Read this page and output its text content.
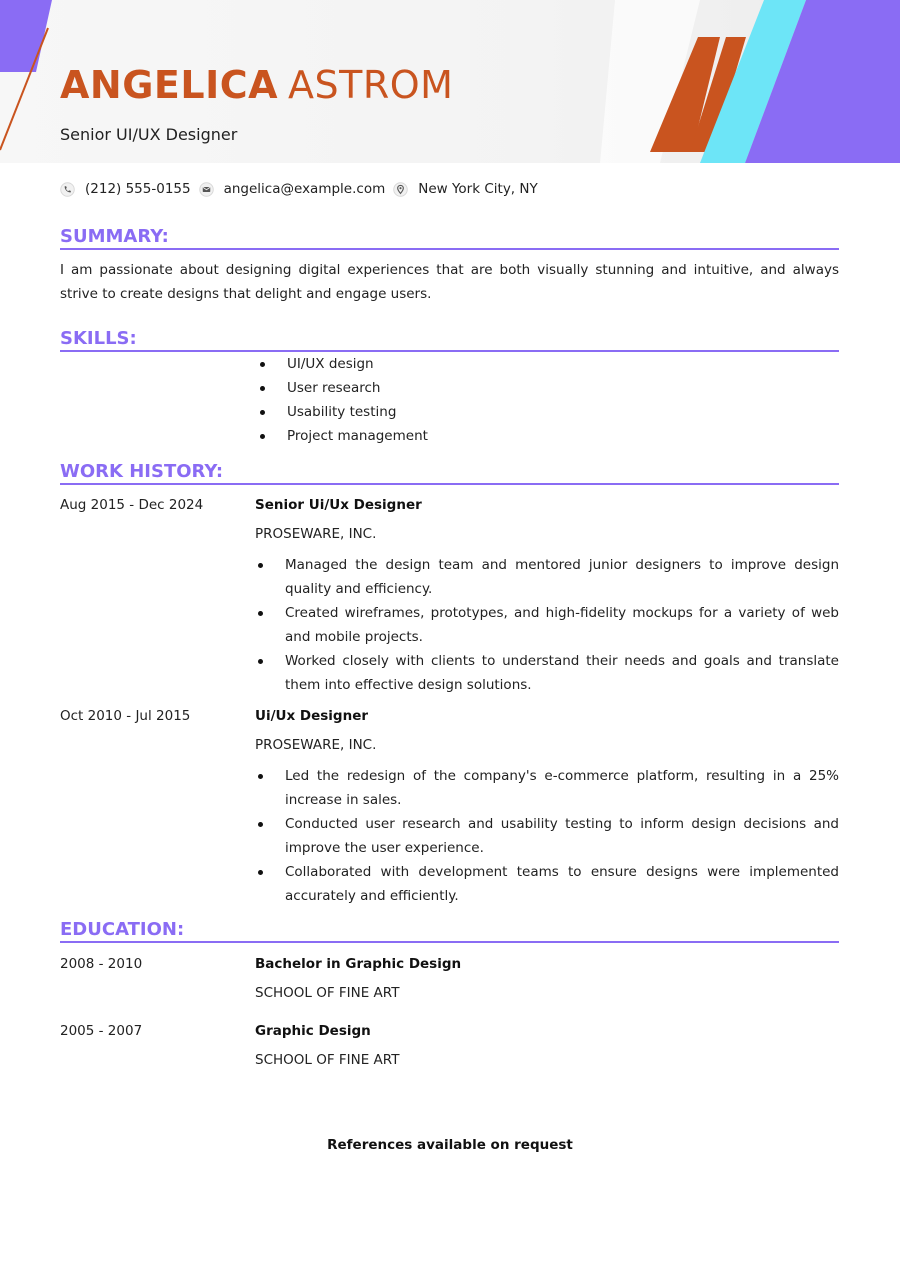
ANGELICA ASTROM
Senior UI/UX Designer
(212) 555-0155 angelica@example.com New York City, NY
SUMMARY:
I am passionate about designing digital experiences that are both visually stunning and intuitive, and always strive to create designs that delight and engage users.
SKILLS:
UI/UX design
User research
Usability testing
Project management
WORK HISTORY:
Aug 2015 - Dec 2024	Senior Ui/Ux Designer
PROSEWARE, INC.
Managed the design team and mentored junior designers to improve design quality and efficiency.
Created wireframes, prototypes, and high-fidelity mockups for a variety of web and mobile projects.
Worked closely with clients to understand their needs and goals and translate them into effective design solutions.
Oct 2010 - Jul 2015	Ui/Ux Designer
PROSEWARE, INC.
Led the redesign of the company's e-commerce platform, resulting in a 25% increase in sales.
Conducted user research and usability testing to inform design decisions and improve the user experience.
Collaborated with development teams to ensure designs were implemented accurately and efficiently.
EDUCATION:
2008 - 2010	Bachelor in Graphic Design
SCHOOL OF FINE ART
2005 - 2007	Graphic Design
SCHOOL OF FINE ART
References available on request
